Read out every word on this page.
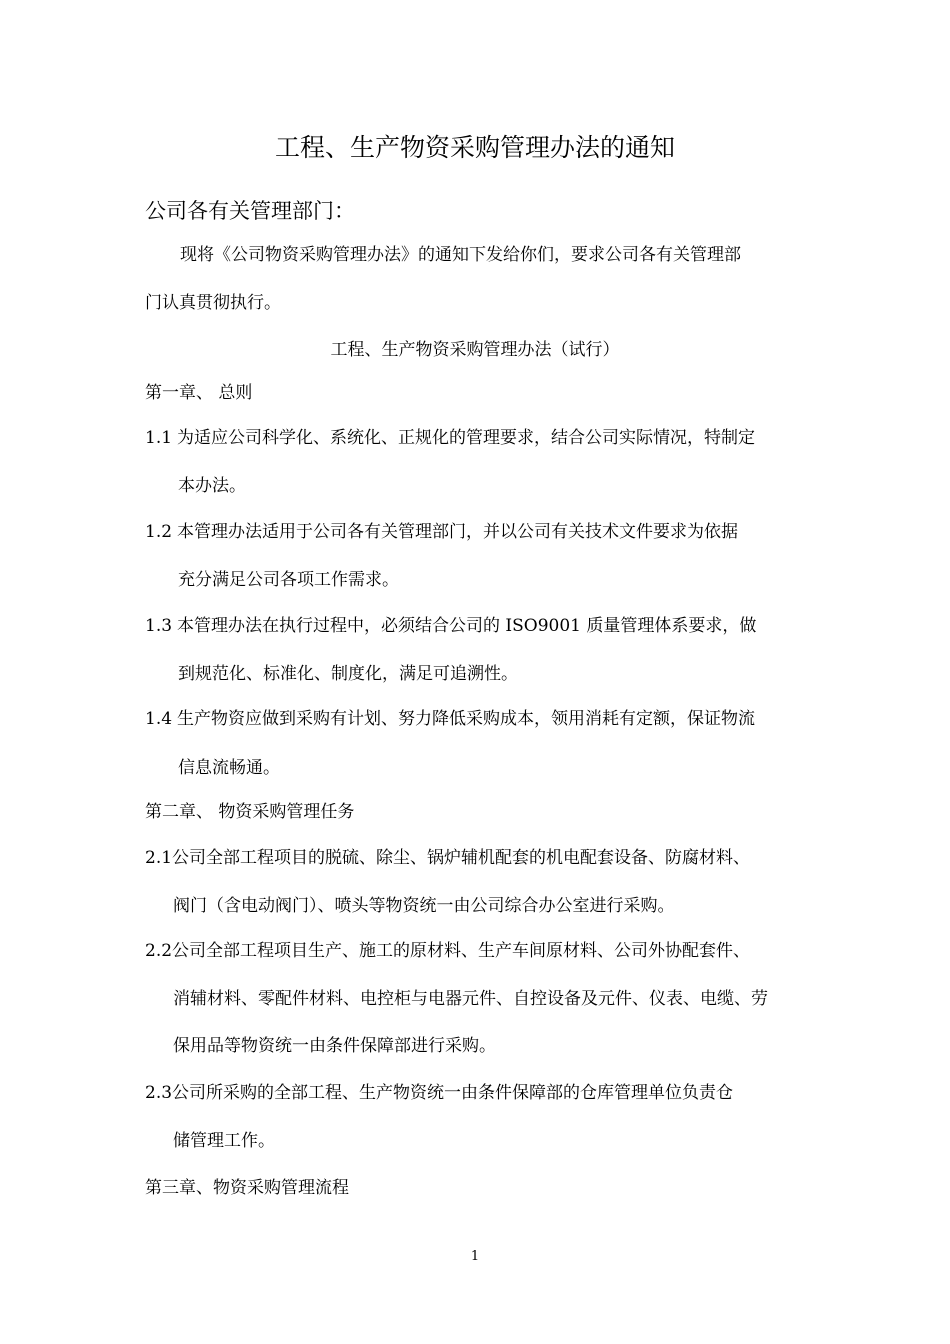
工程、生产物资采购管理办法的通知
公司各有关管理部门：
现将《公司物资采购管理办法》的通知下发给你们，要求公司各有关管理部
门认真贯彻执行。
工程、生产物资采购管理办法（试行）
第一章、 总则
1.1 为适应公司科学化、系统化、正规化的管理要求，结合公司实际情况，特制定
本办法。
1.2 本管理办法适用于公司各有关管理部门，并以公司有关技术文件要求为依据
充分满足公司各项工作需求。
1.3 本管理办法在执行过程中，必须结合公司的 ISO9001 质量管理体系要求，做
到规范化、标准化、制度化，满足可追溯性。
1.4 生产物资应做到采购有计划、努力降低采购成本，领用消耗有定额，保证物流
信息流畅通。
第二章、 物资采购管理任务
2.1 公司全部工程项目的脱硫、除尘、锅炉辅机配套的机电配套设备、防腐材料、
阀门（含电动阀门）、喷头等物资统一由公司综合办公室进行采购。
2.2 公司全部工程项目生产、施工的原材料、生产车间原材料、公司外协配套件、
消辅材料、零配件材料、电控柜与电器元件、自控设备及元件、仪表、电缆、劳
保用品等物资统一由条件保障部进行采购。
2.3 公司所采购的全部工程、生产物资统一由条件保障部的仓库管理单位负责仓
储管理工作。
第三章、物资采购管理流程
1
